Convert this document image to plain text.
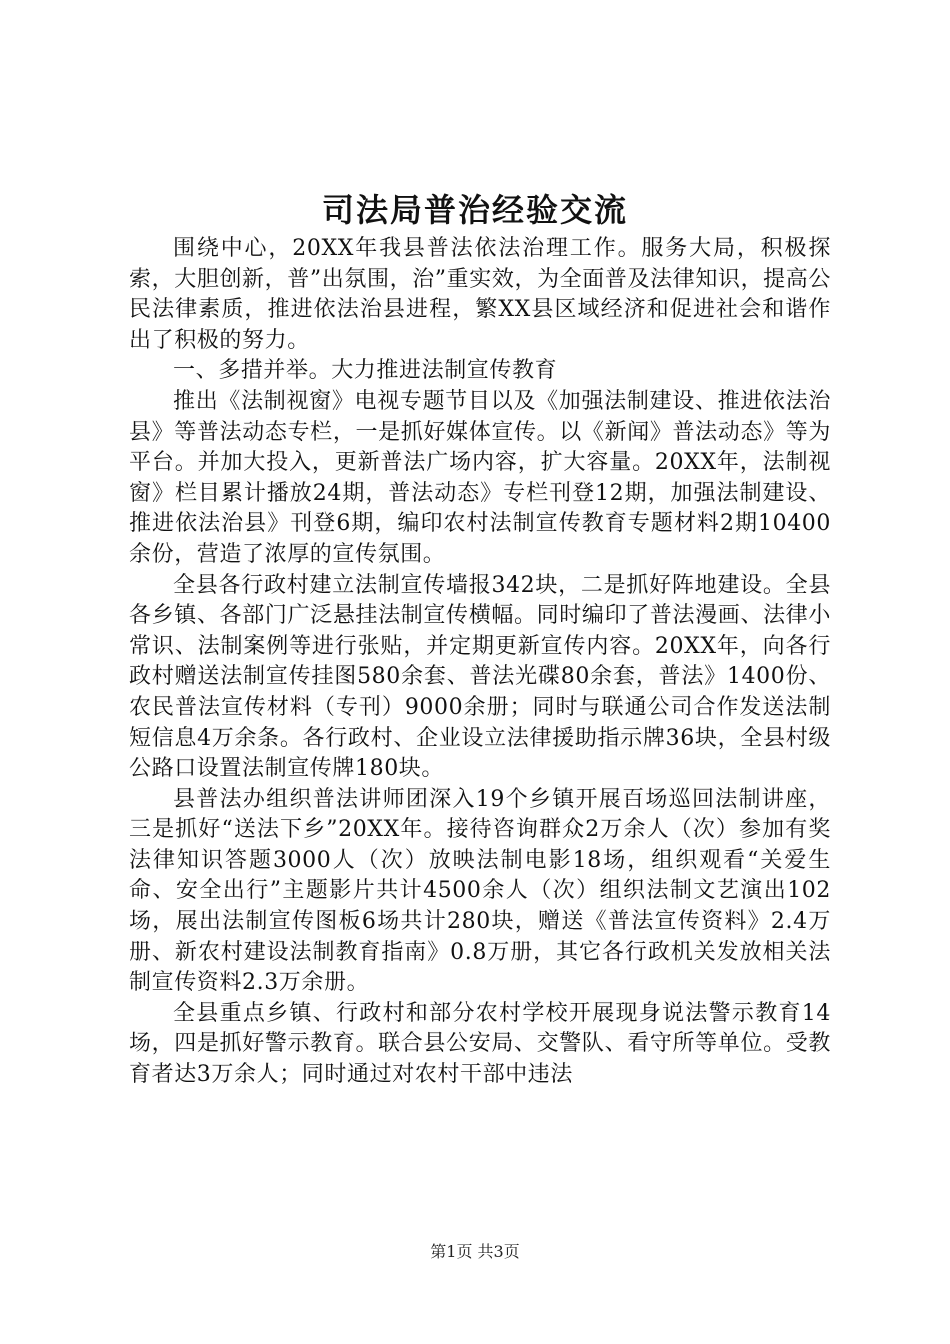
司法局普治经验交流

围绕中心，20XX年我县普法依法治理工作。服务大局，积极探索，大胆创新，普”出氛围，治”重实效，为全面普及法律知识，提高公民法律素质，推进依法治县进程，繁XX县区域经济和促进社会和谐作出了积极的努力。

一、多措并举。大力推进法制宣传教育

推出《法制视窗》电视专题节目以及《加强法制建设、推进依法治县》等普法动态专栏，一是抓好媒体宣传。以《新闻》普法动态》等为平台。并加大投入，更新普法广场内容，扩大容量。20XX年，法制视窗》栏目累计播放24期，普法动态》专栏刊登12期，加强法制建设、推进依法治县》刊登6期，编印农村法制宣传教育专题材料2期10400余份，营造了浓厚的宣传氛围。

全县各行政村建立法制宣传墙报342块，二是抓好阵地建设。全县各乡镇、各部门广泛悬挂法制宣传横幅。同时编印了普法漫画、法律小常识、法制案例等进行张贴，并定期更新宣传内容。20XX年，向各行政村赠送法制宣传挂图580余套、普法光碟80余套，普法》1400份、农民普法宣传材料（专刊）9000余册；同时与联通公司合作发送法制短信息4万余条。各行政村、企业设立法律援助指示牌36块，全县村级公路口设置法制宣传牌180块。

县普法办组织普法讲师团深入19个乡镇开展百场巡回法制讲座，三是抓好“送法下乡”20XX年。接待咨询群众2万余人（次）参加有奖法律知识答题3000人（次）放映法制电影18场，组织观看“关爱生命、安全出行”主题影片共计4500余人（次）组织法制文艺演出102场，展出法制宣传图板6场共计280块，赠送《普法宣传资料》2.4万册、新农村建设法制教育指南》0.8万册，其它各行政机关发放相关法制宣传资料2.3万余册。

全县重点乡镇、行政村和部分农村学校开展现身说法警示教育14场，四是抓好警示教育。联合县公安局、交警队、看守所等单位。受教育者达3万余人；同时通过对农村干部中违法

第1页 共3页
